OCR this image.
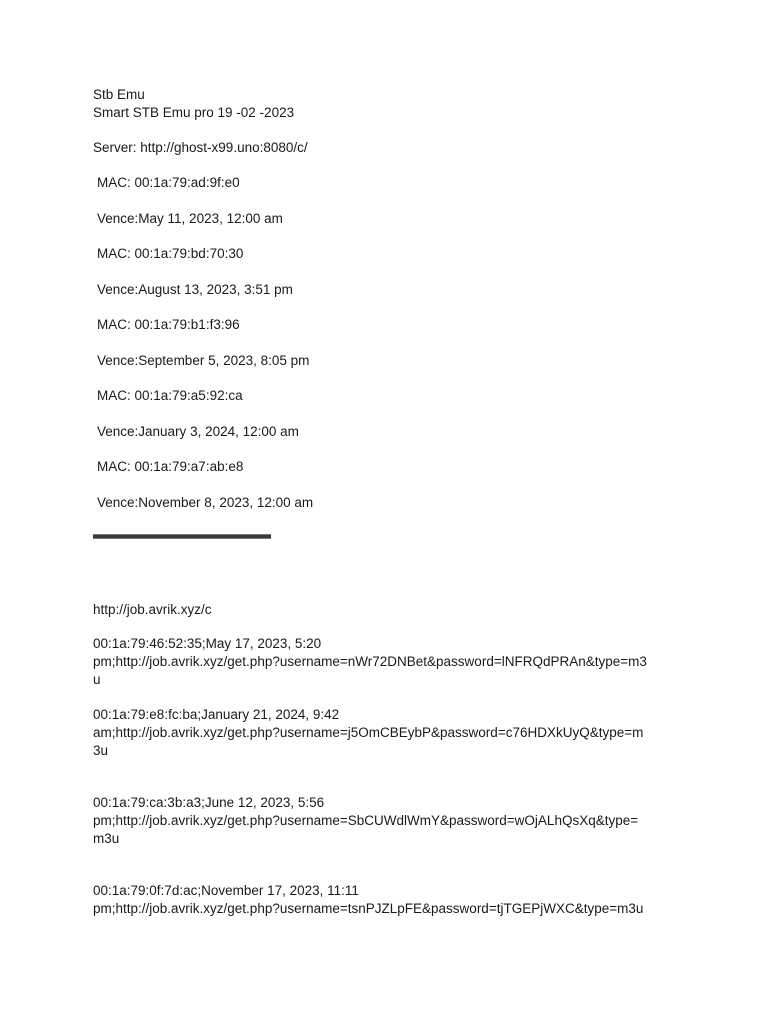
Stb Emu
Smart STB Emu pro 19 -02 -2023
Server: http://ghost-x99.uno:8080/c/
MAC: 00:1a:79:ad:9f:e0
Vence:May 11, 2023, 12:00 am
MAC: 00:1a:79:bd:70:30
Vence:August 13, 2023, 3:51 pm
MAC: 00:1a:79:b1:f3:96
Vence:September 5, 2023, 8:05 pm
MAC: 00:1a:79:a5:92:ca
Vence:January 3, 2024, 12:00 am
MAC: 00:1a:79:a7:ab:e8
Vence:November 8, 2023, 12:00 am
http://job.avrik.xyz/c
00:1a:79:46:52:35;May 17, 2023, 5:20
pm;http://job.avrik.xyz/get.php?username=nWr72DNBet&password=lNFRQdPRAn&type=m3
u
00:1a:79:e8:fc:ba;January 21, 2024, 9:42
am;http://job.avrik.xyz/get.php?username=j5OmCBEybP&password=c76HDXkUyQ&type=m
3u
00:1a:79:ca:3b:a3;June 12, 2023, 5:56
pm;http://job.avrik.xyz/get.php?username=SbCUWdlWmY&password=wOjALhQsXq&type=
m3u
00:1a:79:0f:7d:ac;November 17, 2023, 11:11
pm;http://job.avrik.xyz/get.php?username=tsnPJZLpFE&password=tjTGEPjWXC&type=m3u
